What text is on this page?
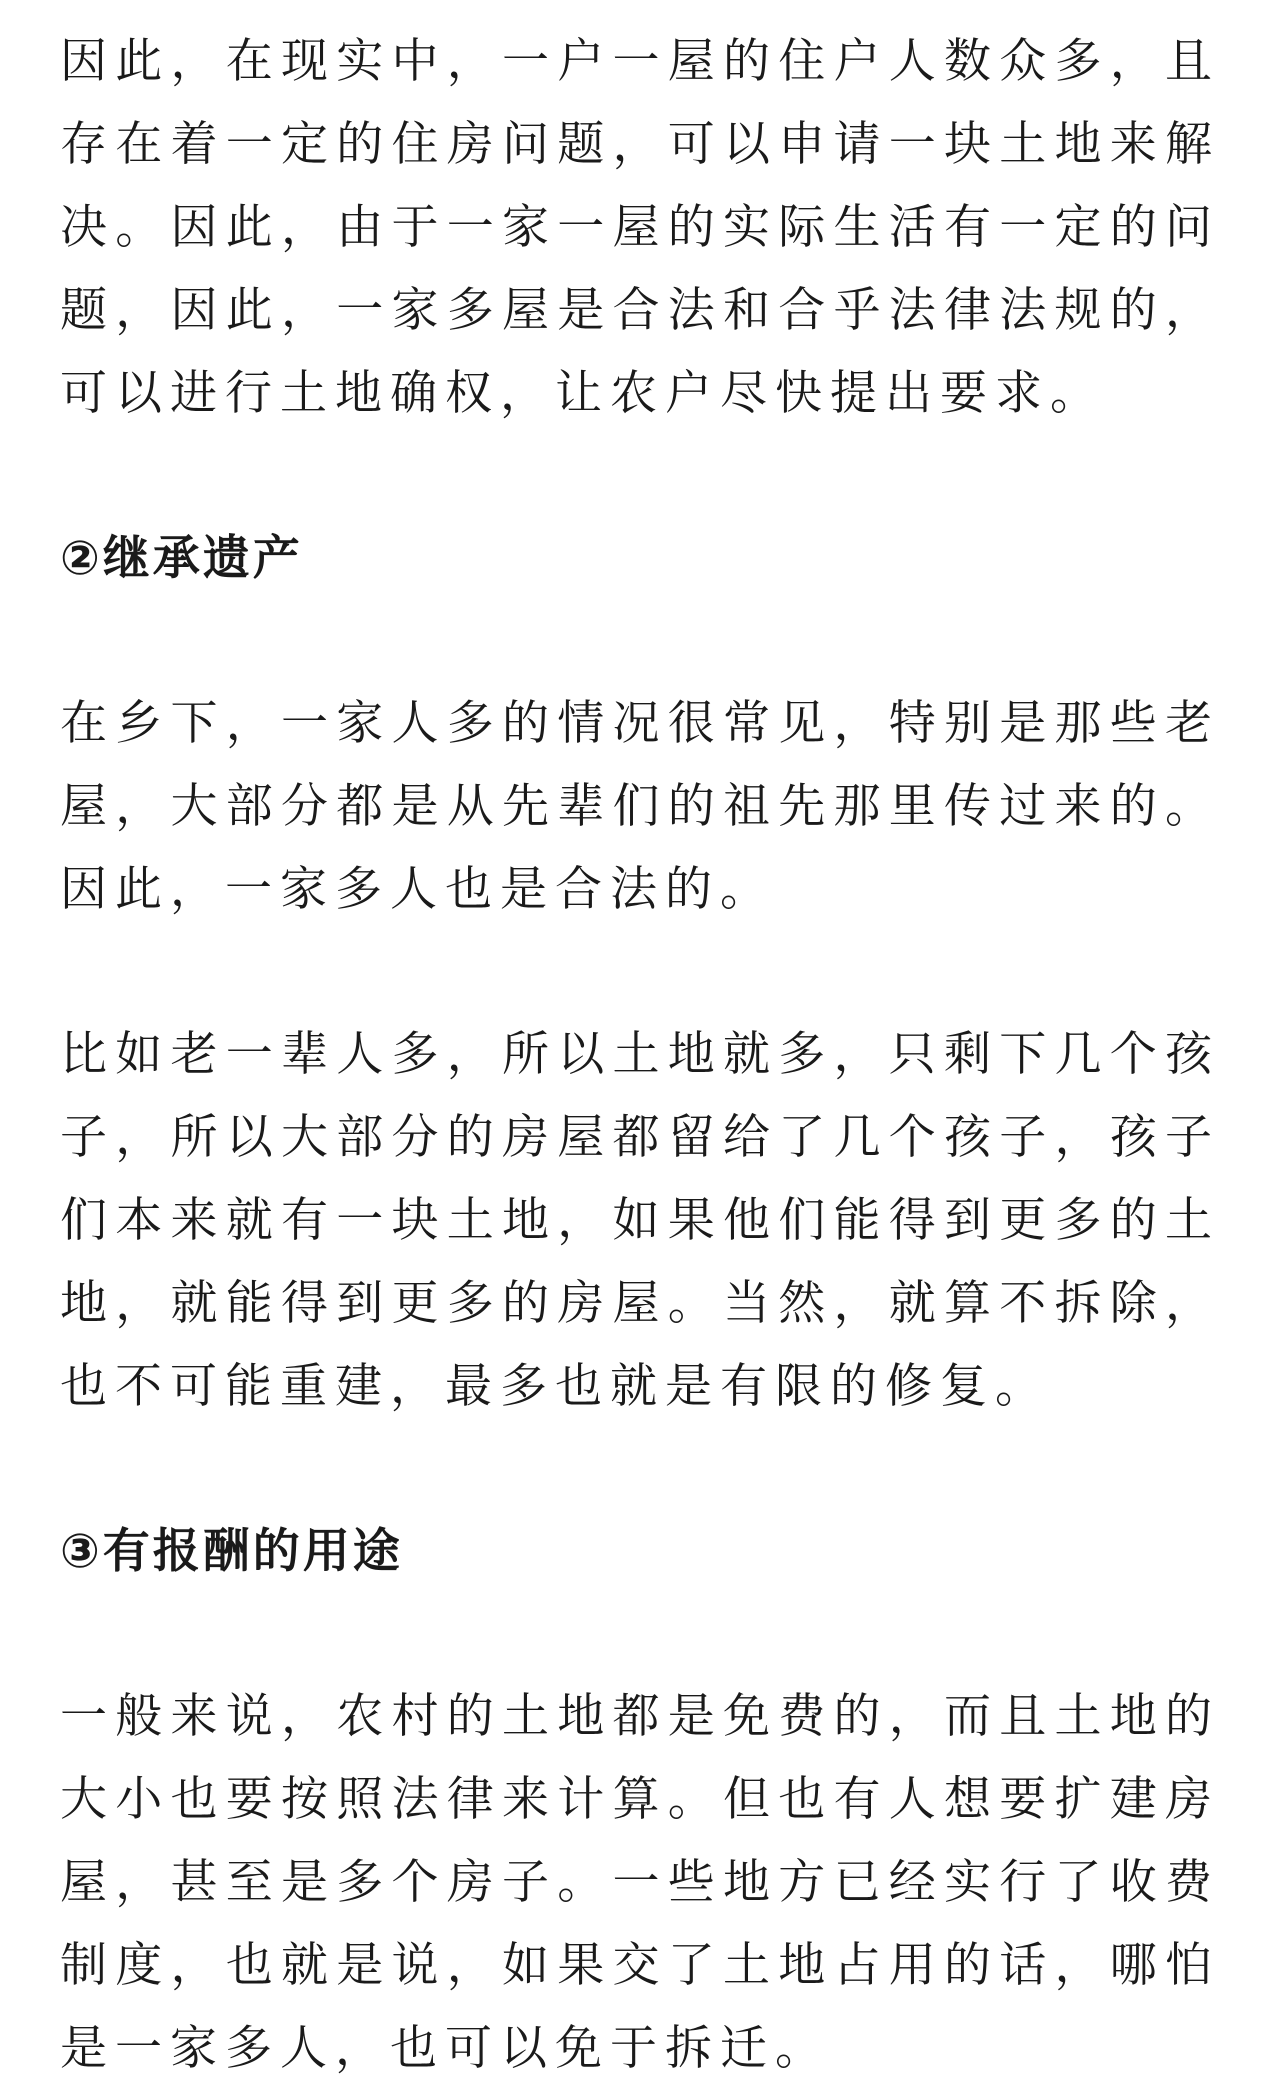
因此，在现实中，一户一屋的住户人数众多，且存在着一定的住房问题，可以申请一块土地来解决。因此，由于一家一屋的实际生活有一定的问题，因此，一家多屋是合法和合乎法律法规的，可以进行土地确权，让农户尽快提出要求。

②继承遗产

在乡下，一家人多的情况很常见，特别是那些老屋，大部分都是从先辈们的祖先那里传过来的。因此，一家多人也是合法的。

比如老一辈人多，所以土地就多，只剩下几个孩子，所以大部分的房屋都留给了几个孩子，孩子们本来就有一块土地，如果他们能得到更多的土地，就能得到更多的房屋。当然，就算不拆除，也不可能重建，最多也就是有限的修复。

③有报酬的用途

一般来说，农村的土地都是免费的，而且土地的大小也要按照法律来计算。但也有人想要扩建房屋，甚至是多个房子。一些地方已经实行了收费制度，也就是说，如果交了土地占用的话，哪怕是一家多人，也可以免于拆迁。
